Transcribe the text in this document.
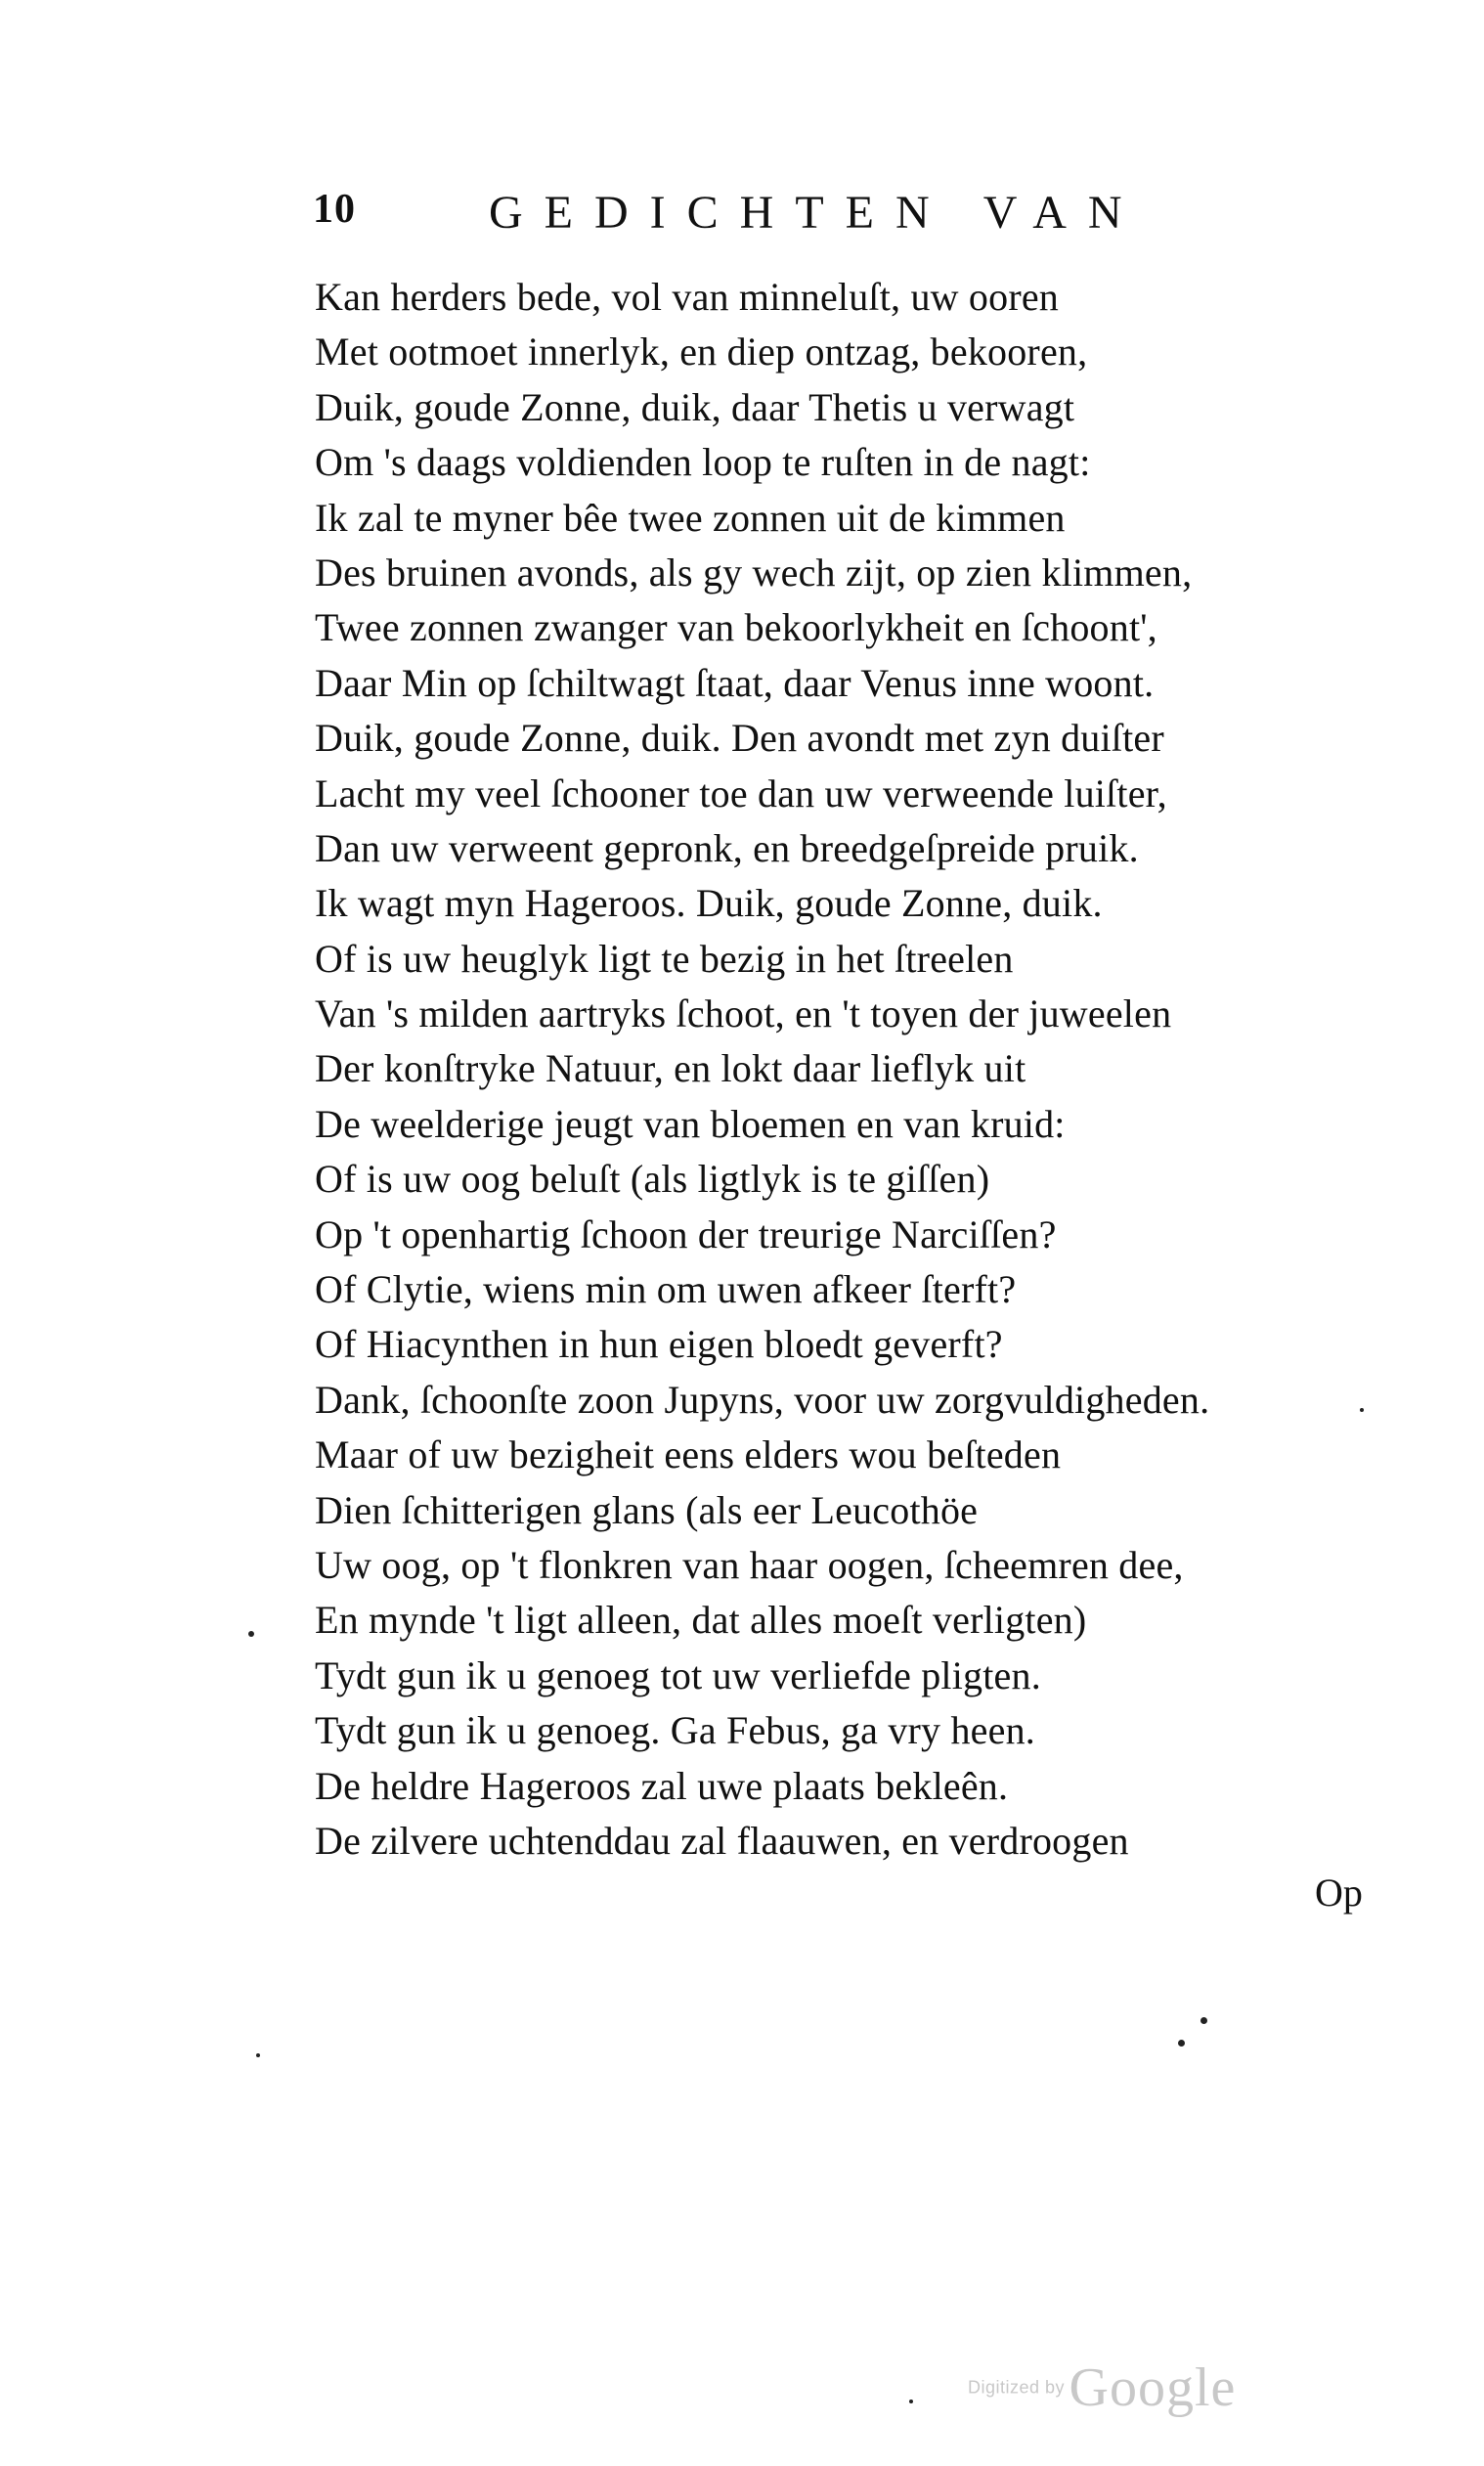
10	GEDICHTEN VAN
Kan herders bede, vol van minneluſt, uw ooren
Met ootmoet innerlyk, en diep ontzag, bekooren,
Duik, goude Zonne, duik, daar Thetis u verwagt
Om 's daags voldienden loop te ruſten in de nagt:
Ik zal te myner bêe twee zonnen uit de kimmen
Des bruinen avonds, als gy wech zijt, op zien klimmen,
Twee zonnen zwanger van bekoorlykheit en ſchoont',
Daar Min op ſchiltwagt ſtaat, daar Venus inne woont.
Duik, goude Zonne, duik. Den avondt met zyn duiſter
Lacht my veel ſchooner toe dan uw verweende luiſter,
Dan uw verweent gepronk, en breedgeſpreide pruik.
Ik wagt myn Hageroos. Duik, goude Zonne, duik.
Of is uw heuglyk ligt te bezig in het ſtreelen
Van 's milden aartryks ſchoot, en 't toyen der juweelen
Der konſtryke Natuur, en lokt daar lieflyk uit
De weelderige jeugt van bloemen en van kruid:
Of is uw oog beluſt (als ligtlyk is te giſſen)
Op 't openhartig ſchoon der treurige Narciſſen?
Of Clytie, wiens min om uwen afkeer ſterft?
Of Hiacynthen in hun eigen bloedt geverft?
Dank, ſchoonſte zoon Jupyns, voor uw zorgvuldigheden.
Maar of uw bezigheit eens elders wou beſteden
Dien ſchitterigen glans (als eer Leucothöe
Uw oog, op 't flonkren van haar oogen, ſcheemren dee,
En mynde 't ligt alleen, dat alles moeſt verligten)
Tydt gun ik u genoeg tot uw verliefde pligten.
Tydt gun ik u genoeg. Ga Febus, ga vry heen.
De heldre Hageroos zal uwe plaats bekleên.
De zilvere uchtenddau zal flaauwen, en verdroogen
Op
Digitized by Google
